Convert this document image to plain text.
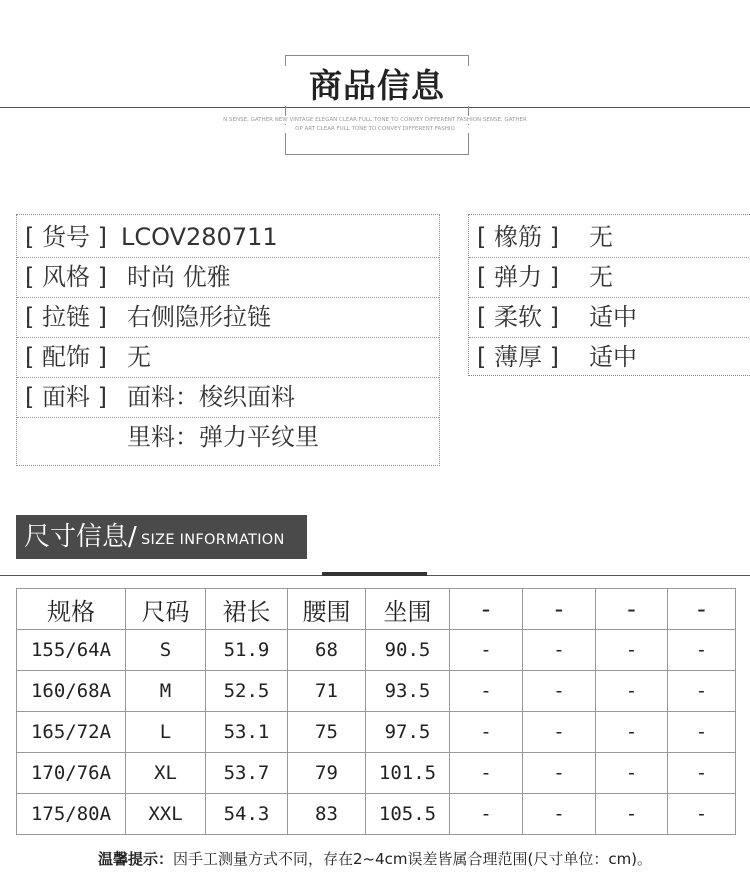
商品信息
N SENSE, GATHER NEW VINTAGE ELEGAN CLEAR FULL TONE TO CONVEY DIFFERENT FASHION SENSE, GATHER
OP ART CLEAR FULL TONE TO CONVEY DIFFERENT FASHIO
[ 货号 ] LCOV280711
[ 风格 ] 时尚 优雅
[ 拉链 ] 右侧隐形拉链
[ 配饰 ] 无
[ 面料 ] 面料：梭织面料
里料：弹力平纹里
[ 橡筋 ] 无
[ 弹力 ] 无
[ 柔软 ] 适中
[ 薄厚 ] 适中
尺寸信息/ SIZE INFORMATION
规格	尺码	裙长	腰围	坐围	-	-	-	-
155/64A	S	51.9	68	90.5	-	-	-	-
160/68A	M	52.5	71	93.5	-	-	-	-
165/72A	L	53.1	75	97.5	-	-	-	-
170/76A	XL	53.7	79	101.5	-	-	-	-
175/80A	XXL	54.3	83	105.5	-	-	-	-
温馨提示：因手工测量方式不同，存在2~4cm误差皆属合理范围(尺寸单位：cm)。
